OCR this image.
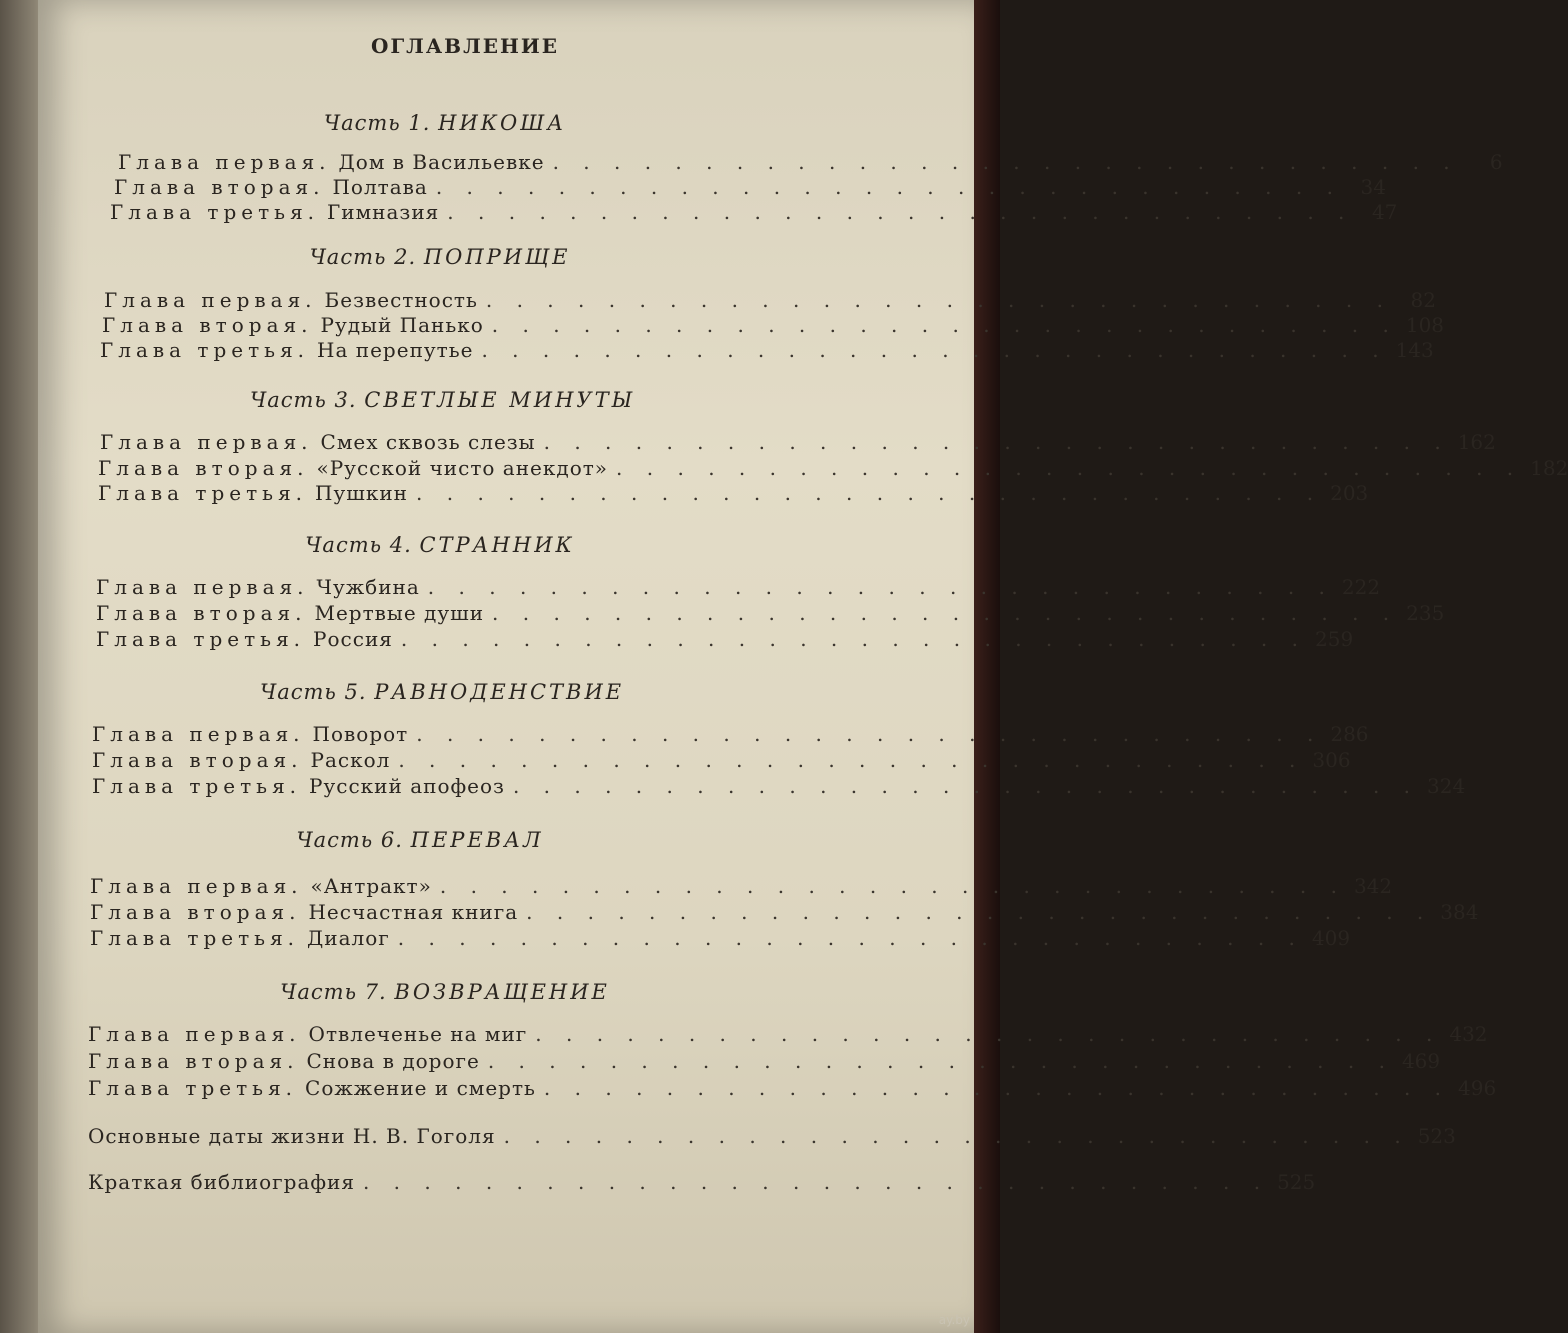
ОГЛАВЛЕНИЕ
Часть 1. НИКОША
Глава первая. Дом в Васильевке . . . . . . . . . . . . . . . . . . . . . . . . . . . . . .	6
Глава вторая. Полтава . . . . . . . . . . . . . . . . . . . . . . . . . . . . . . 34
Глава третья. Гимназия . . . . . . . . . . . . . . . . . . . . . . . . . . . . . . 47
Часть 2. ПОПРИЩЕ
Глава первая. Безвестность . . . . . . . . . . . . . . . . . . . . . . . . . . . . . . 82
Глава вторая. Рудый Панько . . . . . . . . . . . . . . . . . . . . . . . . . . . . . . 108
Глава третья. На перепутье . . . . . . . . . . . . . . . . . . . . . . . . . . . . . . 143
Часть 3. СВЕТЛЫЕ МИНУТЫ
Глава первая. Смех сквозь слезы . . . . . . . . . . . . . . . . . . . . . . . . . . . . . . 162
Глава вторая. «Русской чисто анекдот» . . . . . . . . . . . . . . . . . . . . . . . . . . . . . . 182
Глава третья. Пушкин . . . . . . . . . . . . . . . . . . . . . . . . . . . . . . 203
Часть 4. СТРАННИК
Глава первая. Чужбина . . . . . . . . . . . . . . . . . . . . . . . . . . . . . . 222
Глава вторая. Мертвые души . . . . . . . . . . . . . . . . . . . . . . . . . . . . . . 235
Глава третья. Россия . . . . . . . . . . . . . . . . . . . . . . . . . . . . . . 259
Часть 5. РАВНОДЕНСТВИЕ
Глава первая. Поворот . . . . . . . . . . . . . . . . . . . . . . . . . . . . . . 286
Глава вторая. Раскол . . . . . . . . . . . . . . . . . . . . . . . . . . . . . . 306
Глава третья. Русский апофеоз . . . . . . . . . . . . . . . . . . . . . . . . . . . . . . 324
Часть 6. ПЕРЕВАЛ
Глава первая. «Антракт» . . . . . . . . . . . . . . . . . . . . . . . . . . . . . . 342
Глава вторая. Несчастная книга . . . . . . . . . . . . . . . . . . . . . . . . . . . . . . 384
Глава третья. Диалог . . . . . . . . . . . . . . . . . . . . . . . . . . . . . . 409
Часть 7. ВОЗВРАЩЕНИЕ
Глава первая. Отвлеченье на миг . . . . . . . . . . . . . . . . . . . . . . . . . . . . . . 432
Глава вторая. Снова в дороге . . . . . . . . . . . . . . . . . . . . . . . . . . . . . . 469
Глава третья. Сожжение и смерть . . . . . . . . . . . . . . . . . . . . . . . . . . . . . . 496
Основные даты жизни Н. В. Гоголя . . . . . . . . . . . . . . . . . . . . . . . . . . . . . . 523
Краткая библиография . . . . . . . . . . . . . . . . . . . . . . . . . . . . . . 525
ay.by
